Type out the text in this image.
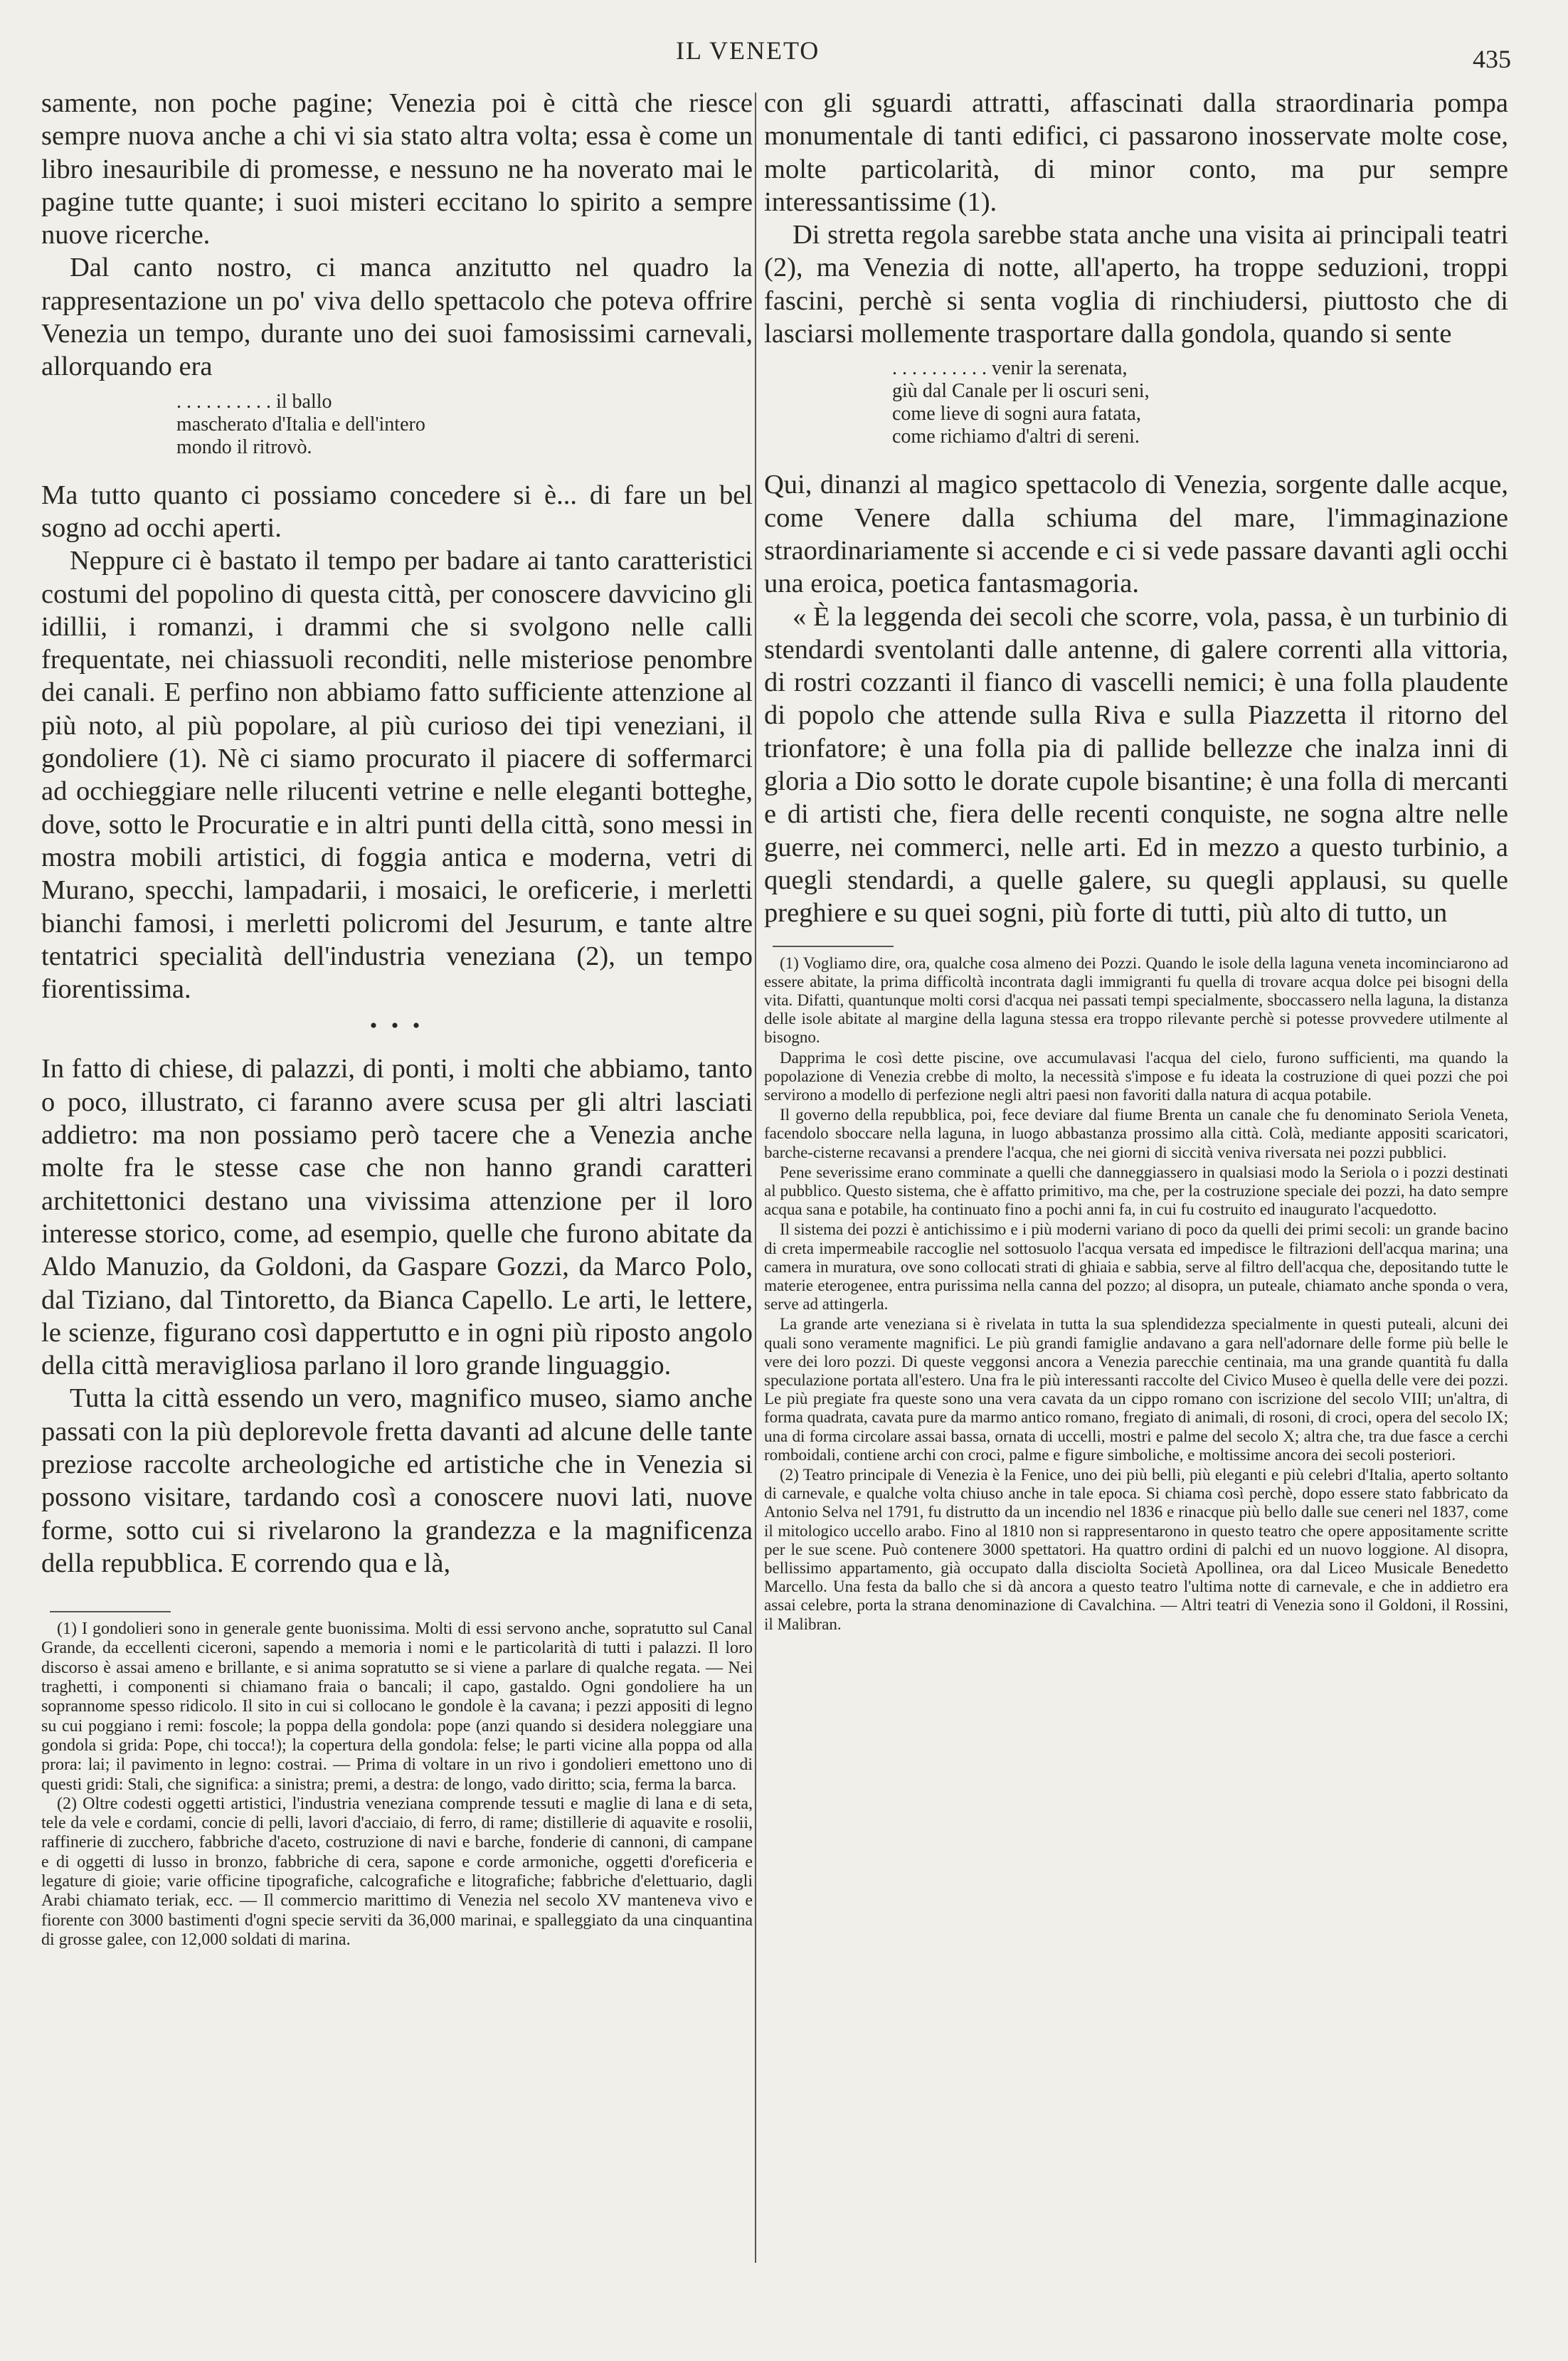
IL VENETO	435

samente, non poche pagine; Venezia poi è città che riesce sempre nuova anche a chi vi sia stato altra volta; essa è come un libro inesauribile di promesse, e nessuno ne ha noverato mai le pagine tutte quante; i suoi misteri eccitano lo spirito a sempre nuove ricerche.

Dal canto nostro, ci manca anzitutto nel quadro la rappresentazione un po' viva dello spettacolo che poteva offrire Venezia un tempo, durante uno dei suoi famosissimi carnevali, allorquando era

. . . . . . . . . . il ballo
mascherato d'Italia e dell'intero
mondo il ritrovò.

Ma tutto quanto ci possiamo concedere si è... di fare un bel sogno ad occhi aperti.

Neppure ci è bastato il tempo per badare ai tanto caratteristici costumi del popolino di questa città, per conoscere davvicino gli idillii, i romanzi, i drammi che si svolgono nelle calli frequentate, nei chiassuoli reconditi, nelle misteriose penombre dei canali. E perfino non abbiamo fatto sufficiente attenzione al più noto, al più popolare, al più curioso dei tipi veneziani, il gondoliere (1). Nè ci siamo procurato il piacere di soffermarci ad occhieggiare nelle rilucenti vetrine e nelle eleganti botteghe, dove, sotto le Procuratie e in altri punti della città, sono messi in mostra mobili artistici, di foggia antica e moderna, vetri di Murano, specchi, lampadarii, i mosaici, le oreficerie, i merletti bianchi famosi, i merletti policromi del Jesurum, e tante altre tentatrici specialità dell'industria veneziana (2), un tempo fiorentissima.

• • •

In fatto di chiese, di palazzi, di ponti, i molti che abbiamo, tanto o poco, illustrato, ci faranno avere scusa per gli altri lasciati addietro: ma non possiamo però tacere che a Venezia anche molte fra le stesse case che non hanno grandi caratteri architettonici destano una vivissima attenzione per il loro interesse storico, come, ad esempio, quelle che furono abitate da Aldo Manuzio, da Goldoni, da Gaspare Gozzi, da Marco Polo, dal Tiziano, dal Tintoretto, da Bianca Capello. Le arti, le lettere, le scienze, figurano così dappertutto e in ogni più riposto angolo della città meravigliosa parlano il loro grande linguaggio.

Tutta la città essendo un vero, magnifico museo, siamo anche passati con la più deplorevole fretta davanti ad alcune delle tante preziose raccolte archeologiche ed artistiche che in Venezia si possono visitare, tardando così a conoscere nuovi lati, nuove forme, sotto cui si rivelarono la grandezza e la magnificenza della repubblica. E correndo qua e là,

(1) I gondolieri sono in generale gente buonissima. Molti di essi servono anche, sopratutto sul Canal Grande, da eccellenti ciceroni, sapendo a memoria i nomi e le particolarità di tutti i palazzi. Il loro discorso è assai ameno e brillante, e si anima sopratutto se si viene a parlare di qualche regata. — Nei traghetti, i componenti si chiamano fraia o bancali; il capo, gastaldo. Ogni gondoliere ha un soprannome spesso ridicolo. Il sito in cui si collocano le gondole è la cavana; i pezzi appositi di legno su cui poggiano i remi: foscole; la poppa della gondola: pope (anzi quando si desidera noleggiare una gondola si grida: Pope, chi tocca!); la copertura della gondola: felse; le parti vicine alla poppa od alla prora: lai; il pavimento in legno: costrai. — Prima di voltare in un rivo i gondolieri emettono uno di questi gridi: Stali, che significa: a sinistra; premi, a destra: de longo, vado diritto; scia, ferma la barca.

(2) Oltre codesti oggetti artistici, l'industria veneziana comprende tessuti e maglie di lana e di seta, tele da vele e cordami, concie di pelli, lavori d'acciaio, di ferro, di rame; distillerie di aquavite e rosolii, raffinerie di zucchero, fabbriche d'aceto, costruzione di navi e barche, fonderie di cannoni, di campane e di oggetti di lusso in bronzo, fabbriche di cera, sapone e corde armoniche, oggetti d'oreficeria e legature di gioie; varie officine tipografiche, calcografiche e litografiche; fabbriche d'elettuario, dagli Arabi chiamato teriak, ecc. — Il commercio marittimo di Venezia nel secolo XV manteneva vivo e fiorente con 3000 bastimenti d'ogni specie serviti da 36,000 marinai, e spalleggiato da una cinquantina di grosse galee, con 12,000 soldati di marina.

con gli sguardi attratti, affascinati dalla straordinaria pompa monumentale di tanti edifici, ci passarono inosservate molte cose, molte particolarità, di minor conto, ma pur sempre interessantissime (1).

Di stretta regola sarebbe stata anche una visita ai principali teatri (2), ma Venezia di notte, all'aperto, ha troppe seduzioni, troppi fascini, perchè si senta voglia di rinchiudersi, piuttosto che di lasciarsi mollemente trasportare dalla gondola, quando si sente

. . . . . . . . . . venir la serenata,
giù dal Canale per li oscuri seni,
come lieve di sogni aura fatata,
come richiamo d'altri di sereni.

Qui, dinanzi al magico spettacolo di Venezia, sorgente dalle acque, come Venere dalla schiuma del mare, l'immaginazione straordinariamente si accende e ci si vede passare davanti agli occhi una eroica, poetica fantasmagoria.

« È la leggenda dei secoli che scorre, vola, passa, è un turbinio di stendardi sventolanti dalle antenne, di galere correnti alla vittoria, di rostri cozzanti il fianco di vascelli nemici; è una folla plaudente di popolo che attende sulla Riva e sulla Piazzetta il ritorno del trionfatore; è una folla pia di pallide bellezze che inalza inni di gloria a Dio sotto le dorate cupole bisantine; è una folla di mercanti e di artisti che, fiera delle recenti conquiste, ne sogna altre nelle guerre, nei commerci, nelle arti. Ed in mezzo a questo turbinio, a quegli stendardi, a quelle galere, su quegli applausi, su quelle preghiere e su quei sogni, più forte di tutti, più alto di tutto, un

(1) Vogliamo dire, ora, qualche cosa almeno dei Pozzi. Quando le isole della laguna veneta incominciarono ad essere abitate, la prima difficoltà incontrata dagli immigranti fu quella di trovare acqua dolce pei bisogni della vita. Difatti, quantunque molti corsi d'acqua nei passati tempi specialmente, sboccassero nella laguna, la distanza delle isole abitate al margine della laguna stessa era troppo rilevante perchè si potesse provvedere utilmente al bisogno.

Dapprima le così dette piscine, ove accumulavasi l'acqua del cielo, furono sufficienti, ma quando la popolazione di Venezia crebbe di molto, la necessità s'impose e fu ideata la costruzione di quei pozzi che poi servirono a modello di perfezione negli altri paesi non favoriti dalla natura di acqua potabile.

Il governo della repubblica, poi, fece deviare dal fiume Brenta un canale che fu denominato Seriola Veneta, facendolo sboccare nella laguna, in luogo abbastanza prossimo alla città. Colà, mediante appositi scaricatori, barche-cisterne recavansi a prendere l'acqua, che nei giorni di siccità veniva riversata nei pozzi pubblici.

Pene severissime erano comminate a quelli che danneggiassero in qualsiasi modo la Seriola o i pozzi destinati al pubblico. Questo sistema, che è affatto primitivo, ma che, per la costruzione speciale dei pozzi, ha dato sempre acqua sana e potabile, ha continuato fino a pochi anni fa, in cui fu costruito ed inaugurato l'acquedotto.

Il sistema dei pozzi è antichissimo e i più moderni variano di poco da quelli dei primi secoli: un grande bacino di creta impermeabile raccoglie nel sottosuolo l'acqua versata ed impedisce le filtrazioni dell'acqua marina; una camera in muratura, ove sono collocati strati di ghiaia e sabbia, serve al filtro dell'acqua che, depositando tutte le materie eterogenee, entra purissima nella canna del pozzo; al disopra, un puteale, chiamato anche sponda o vera, serve ad attingerla.

La grande arte veneziana si è rivelata in tutta la sua splendidezza specialmente in questi puteali, alcuni dei quali sono veramente magnifici. Le più grandi famiglie andavano a gara nell'adornare delle forme più belle le vere dei loro pozzi. Di queste veggonsi ancora a Venezia parecchie centinaia, ma una grande quantità fu dalla speculazione portata all'estero. Una fra le più interessanti raccolte del Civico Museo è quella delle vere dei pozzi. Le più pregiate fra queste sono una vera cavata da un cippo romano con iscrizione del secolo VIII; un'altra, di forma quadrata, cavata pure da marmo antico romano, fregiato di animali, di rosoni, di croci, opera del secolo IX; una di forma circolare assai bassa, ornata di uccelli, mostri e palme del secolo X; altra che, tra due fasce a cerchi romboidali, contiene archi con croci, palme e figure simboliche, e moltissime ancora dei secoli posteriori.

(2) Teatro principale di Venezia è la Fenice, uno dei più belli, più eleganti e più celebri d'Italia, aperto soltanto di carnevale, e qualche volta chiuso anche in tale epoca. Si chiama così perchè, dopo essere stato fabbricato da Antonio Selva nel 1791, fu distrutto da un incendio nel 1836 e rinacque più bello dalle sue ceneri nel 1837, come il mitologico uccello arabo. Fino al 1810 non si rappresentarono in questo teatro che opere appositamente scritte per le sue scene. Può contenere 3000 spettatori. Ha quattro ordini di palchi ed un nuovo loggione. Al disopra, bellissimo appartamento, già occupato dalla disciolta Società Apollinea, ora dal Liceo Musicale Benedetto Marcello. Una festa da ballo che si dà ancora a questo teatro l'ultima notte di carnevale, e che in addietro era assai celebre, porta la strana denominazione di Cavalchina. — Altri teatri di Venezia sono il Goldoni, il Rossini, il Malibran.
